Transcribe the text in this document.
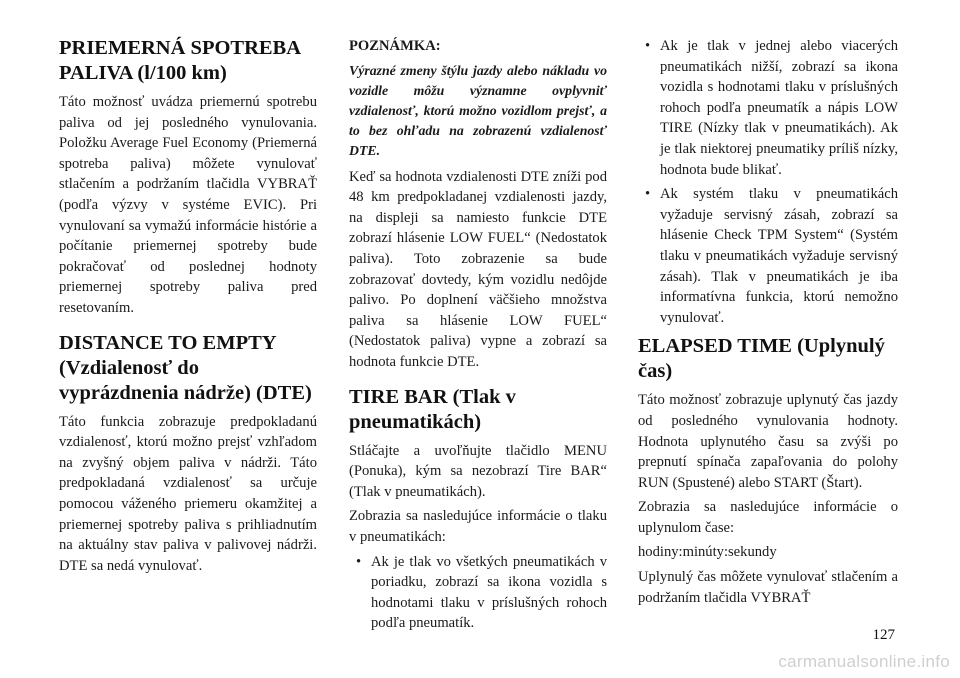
PRIEMERNÁ SPOTREBA PALIVA (l/100 km)

Táto možnosť uvádza priemernú spotrebu paliva od jej posledného vynulovania. Položku Average Fuel Economy (Priemerná spotreba paliva) môžete vynulovať stlačením a podržaním tlačidla VYBRAŤ (podľa výzvy v systéme EVIC). Pri vynulovaní sa vymažú informácie histórie a počítanie priemernej spotreby bude pokračovať od poslednej hodnoty priemernej spotreby paliva pred resetovaním.

DISTANCE TO EMPTY (Vzdialenosť do vyprázdnenia nádrže) (DTE)

Táto funkcia zobrazuje predpokladanú vzdialenosť, ktorú možno prejsť vzhľadom na zvyšný objem paliva v nádrži. Táto predpokladaná vzdialenosť sa určuje pomocou váženého priemeru okamžitej a priemernej spotreby paliva s prihliadnutím na aktuálny stav paliva v palivovej nádrži. DTE sa nedá vynulovať.

POZNÁMKA:
Výrazné zmeny štýlu jazdy alebo nákladu vo vozidle môžu významne ovplyvniť vzdialenosť, ktorú možno vozidlom prejsť, a to bez ohľadu na zobrazenú vzdialenosť DTE.

Keď sa hodnota vzdialenosti DTE zníži pod 48 km predpokladanej vzdialenosti jazdy, na displeji sa namiesto funkcie DTE zobrazí hlásenie LOW FUEL“ (Nedostatok paliva). Toto zobrazenie sa bude zobrazovať dovtedy, kým vozidlu nedôjde palivo. Po doplnení väčšieho množstva paliva sa hlásenie LOW FUEL“ (Nedostatok paliva) vypne a zobrazí sa hodnota funkcie DTE.

TIRE BAR (Tlak v pneumatikách)

Stláčajte a uvoľňujte tlačidlo MENU (Ponuka), kým sa nezobrazí Tire BAR“ (Tlak v pneumatikách).

Zobrazia sa nasledujúce informácie o tlaku v pneumatikách:

• Ak je tlak vo všetkých pneumatikách v poriadku, zobrazí sa ikona vozidla s hodnotami tlaku v príslušných rohoch podľa pneumatík.
• Ak je tlak v jednej alebo viacerých pneumatikách nižší, zobrazí sa ikona vozidla s hodnotami tlaku v príslušných rohoch podľa pneumatík a nápis LOW TIRE (Nízky tlak v pneumatikách). Ak je tlak niektorej pneumatiky príliš nízky, hodnota bude blikať.
• Ak systém tlaku v pneumatikách vyžaduje servisný zásah, zobrazí sa hlásenie Check TPM System“ (Systém tlaku v pneumatikách vyžaduje servisný zásah). Tlak v pneumatikách je iba informatívna funkcia, ktorú nemožno vynulovať.
ELAPSED TIME (Uplynulý čas)

Táto možnosť zobrazuje uplynutý čas jazdy od posledného vynulovania hodnoty. Hodnota uplynutého času sa zvýši po prepnutí spínača zapaľovania do polohy RUN (Spustené) alebo START (Štart).

Zobrazia sa nasledujúce informácie o uplynulom čase:

hodiny:minúty:sekundy

Uplynulý čas môžete vynulovať stlačením a podržaním tlačidla VYBRAŤ

127
carmanualsonline.info
